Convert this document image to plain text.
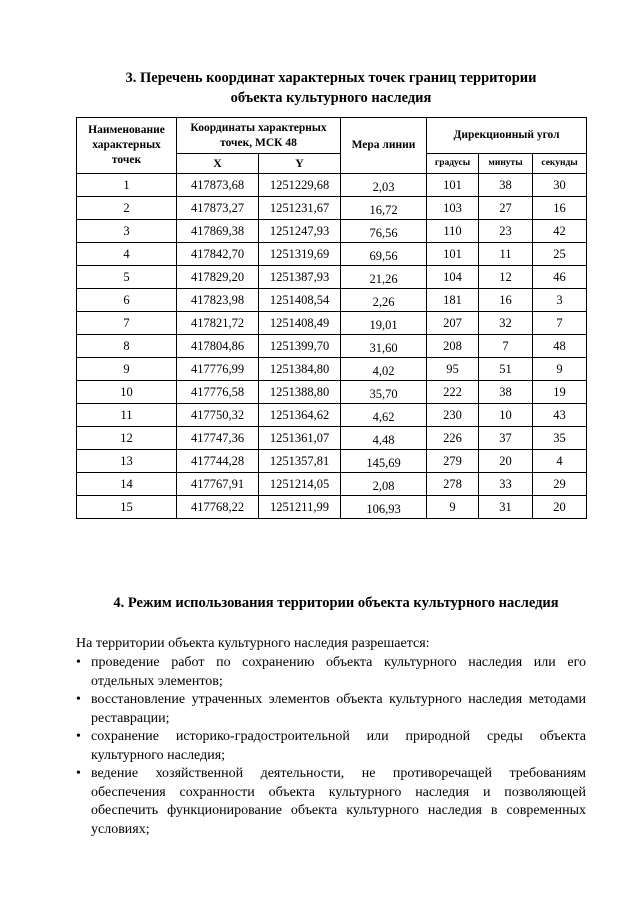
3. Перечень координат характерных точек границ территории
объекта культурного наследия
Наименование характерных точек	Координаты характерных точек, МСК 48		Мера линии	Дирекционный угол		
	X	Y		градусы	минуты	секунды
1	417873,68	1251229,68	2,03	101	38	30
2	417873,27	1251231,67	16,72	103	27	16
3	417869,38	1251247,93	76,56	110	23	42
4	417842,70	1251319,69	69,56	101	11	25
5	417829,20	1251387,93	21,26	104	12	46
6	417823,98	1251408,54	2,26	181	16	3
7	417821,72	1251408,49	19,01	207	32	7
8	417804,86	1251399,70	31,60	208	7	48
9	417776,99	1251384,80	4,02	95	51	9
10	417776,58	1251388,80	35,70	222	38	19
11	417750,32	1251364,62	4,62	230	10	43
12	417747,36	1251361,07	4,48	226	37	35
13	417744,28	1251357,81	145,69	279	20	4
14	417767,91	1251214,05	2,08	278	33	29
15	417768,22	1251211,99	106,93	9	31	20
4. Режим использования территории объекта культурного наследия
На территории объекта культурного наследия разрешается:
• проведение работ по сохранению объекта культурного наследия или его отдельных элементов;
• восстановление утраченных элементов объекта культурного наследия методами реставрации;
• сохранение историко-градостроительной или природной среды объекта культурного наследия;
• ведение хозяйственной деятельности, не противоречащей требованиям обеспечения сохранности объекта культурного наследия и позволяющей обеспечить функционирование объекта культурного наследия в современных условиях;
